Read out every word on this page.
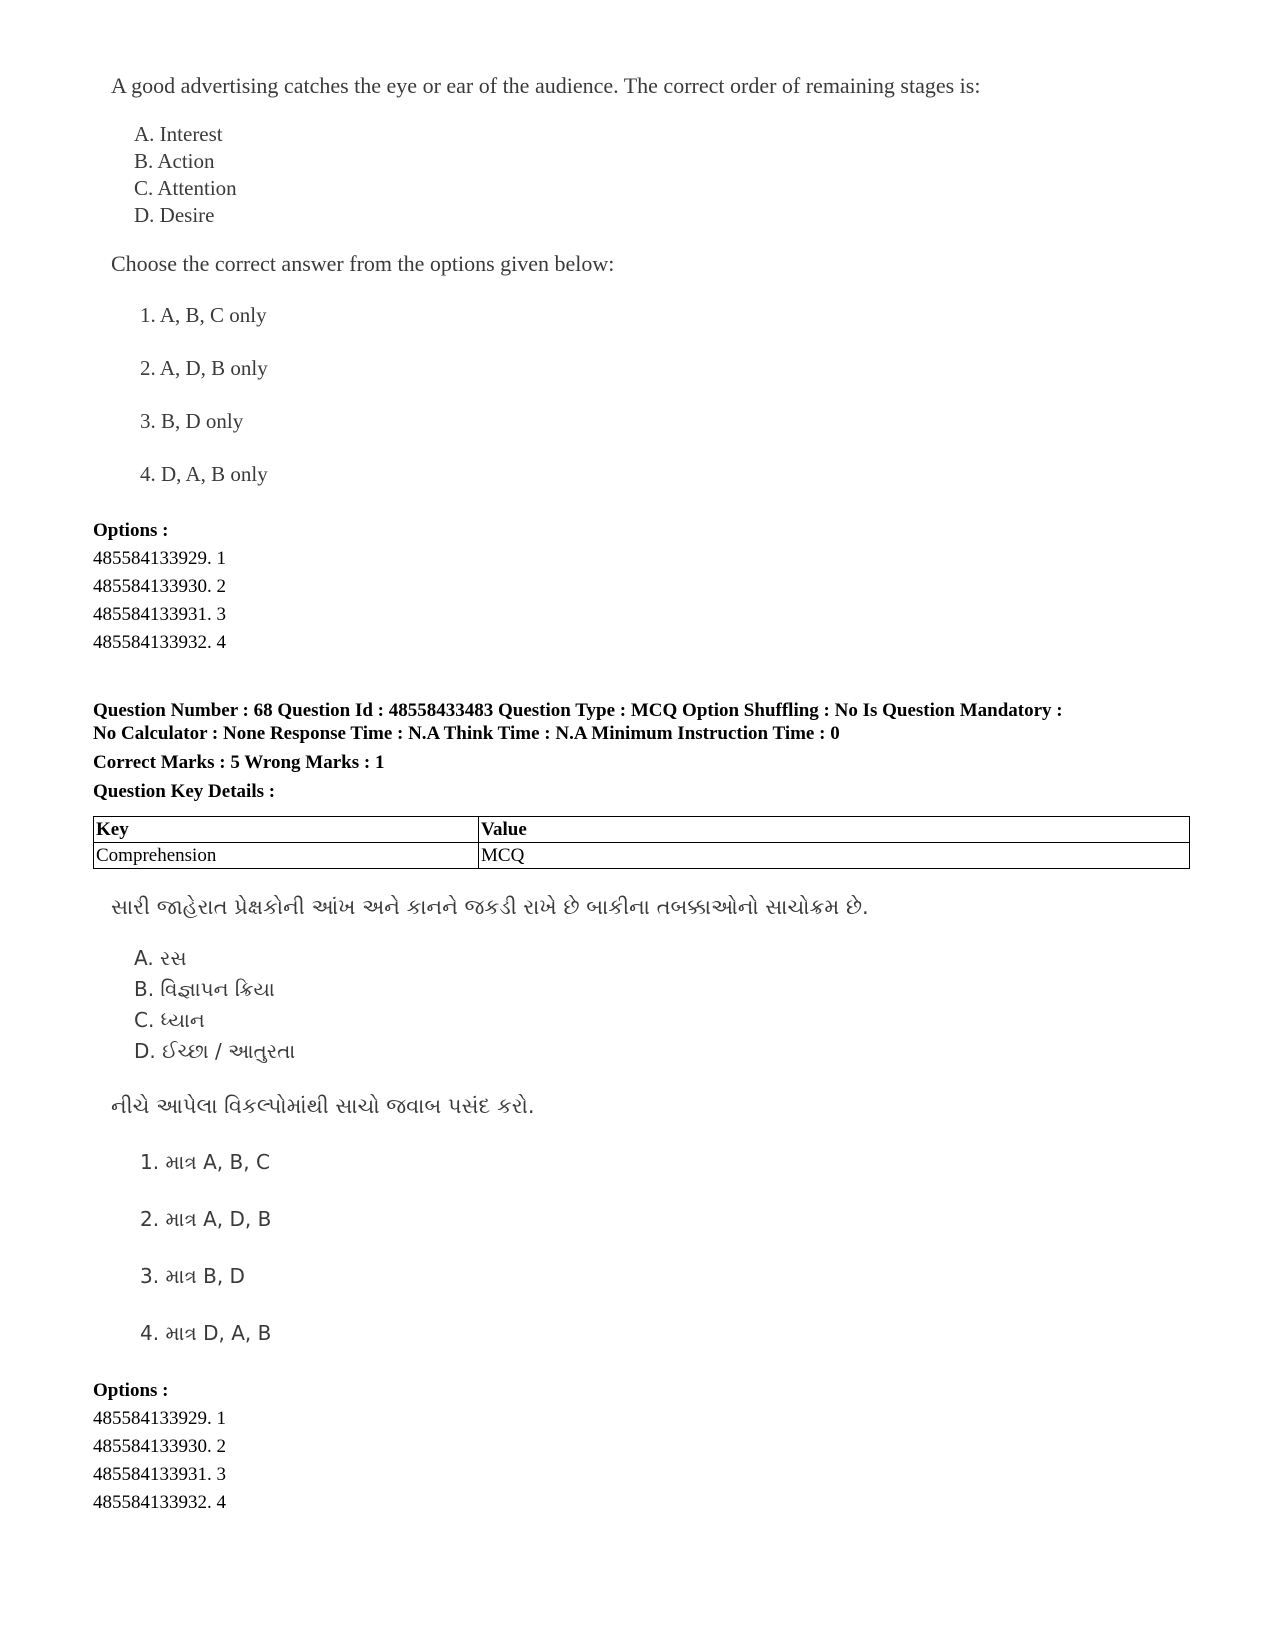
A good advertising catches the eye or ear of the audience. The correct order of remaining stages is:
A. Interest
B. Action
C. Attention
D. Desire
Choose the correct answer from the options given below:
1. A, B, C only
2. A, D, B only
3. B, D only
4. D, A, B only
Options :
485584133929. 1
485584133930. 2
485584133931. 3
485584133932. 4
Question Number : 68 Question Id : 48558433483 Question Type : MCQ Option Shuffling : No Is Question Mandatory :
No Calculator : None Response Time : N.A Think Time : N.A Minimum Instruction Time : 0
Correct Marks : 5 Wrong Marks : 1
Question Key Details :
Key	Value
Comprehension	MCQ
સારી જાહેરાત પ્રેક્ષકોની આંખ અને કાનને જકડી રાખે છે બાકીના તબક્કાઓનો સાચોક્રમ છે.
A. રસ
B. વિજ્ઞાપન ક્રિયા
C. ધ્યાન
D. ઈચ્છા / આતુરતા
નીચે આપેલા વિકલ્પોમાંથી સાચો જવાબ પસંદ કરો.
1. માત્ર A, B, C
2. માત્ર A, D, B
3. માત્ર B, D
4. માત્ર D, A, B
Options :
485584133929. 1
485584133930. 2
485584133931. 3
485584133932. 4
